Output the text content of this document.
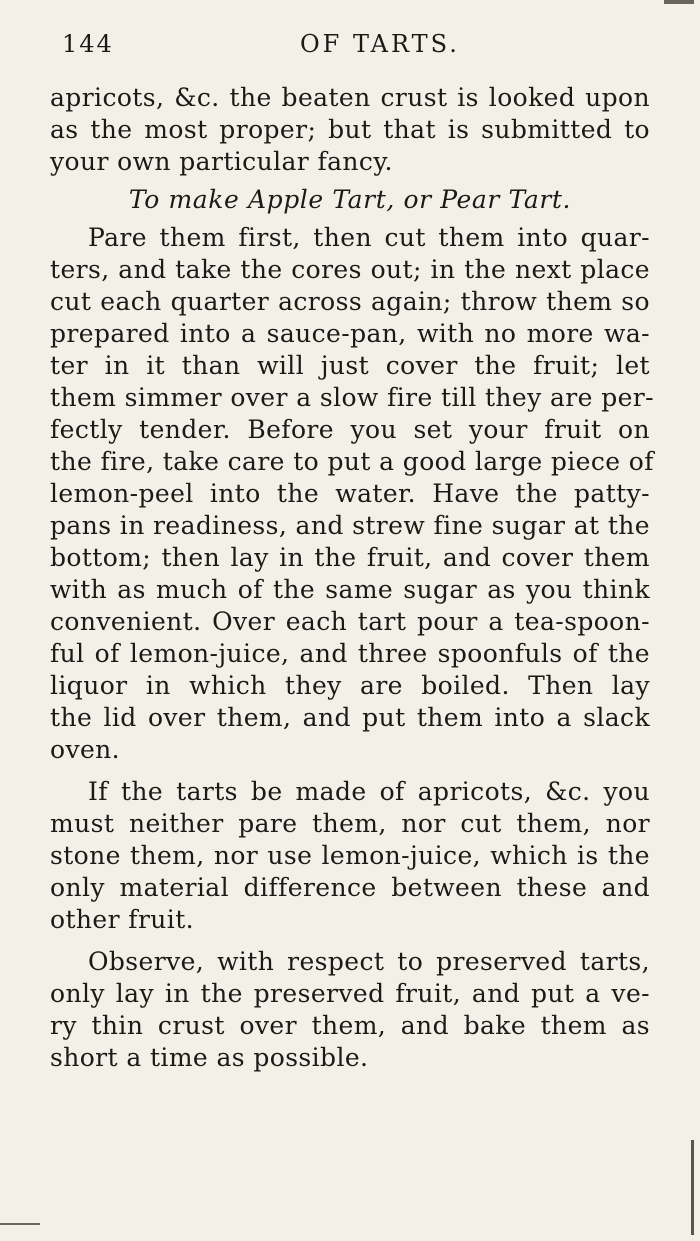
144	OF TARTS.
apricots, &c. the beaten crust is looked upon
as the most proper; but that is submitted to
your own particular fancy.
To make Apple Tart, or Pear Tart.
Pare them first, then cut them into quar-
ters, and take the cores out; in the next place
cut each quarter across again; throw them so
prepared into a sauce-pan, with no more wa-
ter in it than will just cover the fruit; let
them simmer over a slow fire till they are per-
fectly tender. Before you set your fruit on
the fire, take care to put a good large piece of
lemon-peel into the water. Have the patty-
pans in readiness, and strew fine sugar at the
bottom; then lay in the fruit, and cover them
with as much of the same sugar as you think
convenient. Over each tart pour a tea-spoon-
ful of lemon-juice, and three spoonfuls of the
liquor in which they are boiled. Then lay
the lid over them, and put them into a slack
oven.
If the tarts be made of apricots, &c. you
must neither pare them, nor cut them, nor
stone them, nor use lemon-juice, which is the
only material difference between these and
other fruit.
Observe, with respect to preserved tarts,
only lay in the preserved fruit, and put a ve-
ry thin crust over them, and bake them as
short a time as possible.
